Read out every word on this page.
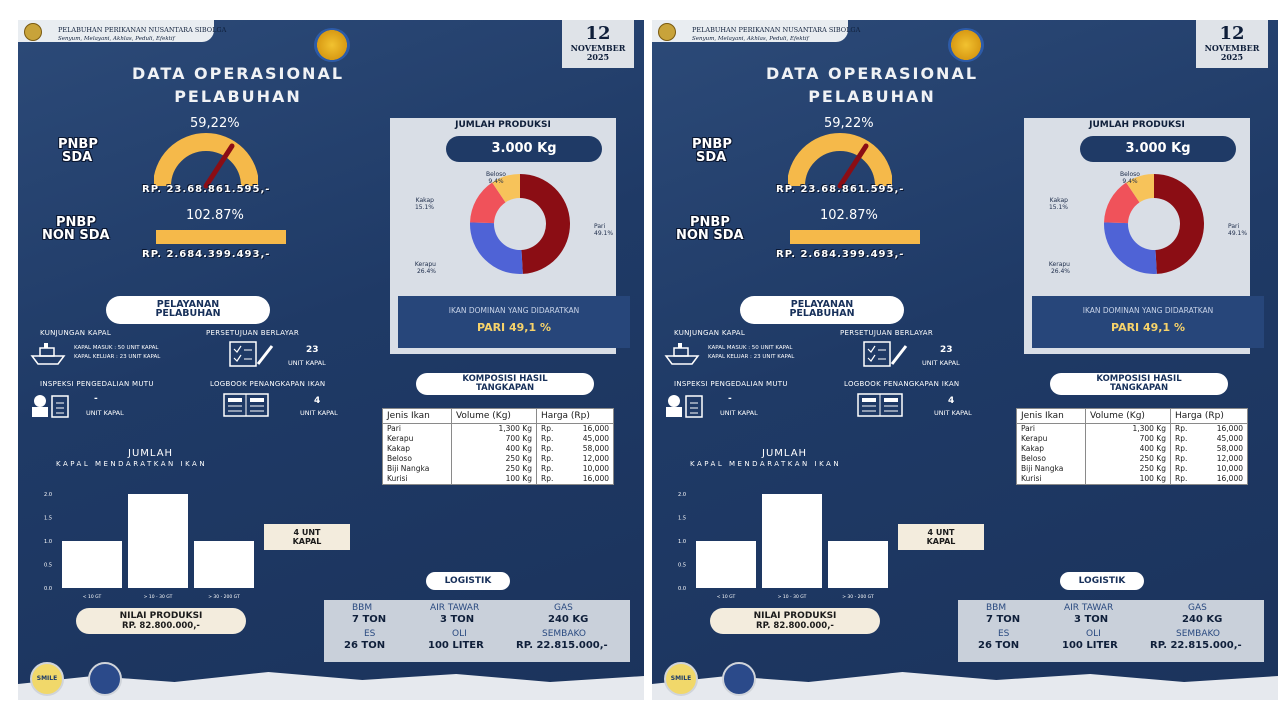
PELABUHAN PERIKANAN NUSANTARA SIBOLGA
Senyum, Melayani, Akhlas, Peduli, Efektif	12
NOVEMBER
2025
DATA OPERASIONAL
PELABUHAN
PNBP
SDA
59,22%
RP. 23.68.861.595,-
PNBP
NON SDA
102.87%
RP. 2.684.399.493,-
JUMLAH PRODUKSI
3.000 Kg
Pari
49.1%
Kerapu
26.4%
Kakap
15.1%
Beloso
9.4%
IKAN DOMINAN YANG DIDARATKAN
PARI 49,1 %
PELAYANAN
PELABUHAN
KUNJUNGAN KAPAL
KAPAL MASUK : 50 UNIT KAPAL
KAPAL KELUAR : 23 UNIT KAPAL
PERSETUJUAN BERLAYAR
23
UNIT KAPAL
INSPEKSI PENGEDALIAN MUTU
-
UNIT KAPAL
LOGBOOK PENANGKAPAN IKAN
4
UNIT KAPAL
KOMPOSISI HASIL
TANGKAPAN
Jenis Ikan	Volume (Kg)	Harga (Rp)
Pari	1,300 Kg	Rp. 16,000

Kerapu	700 Kg	Rp. 45,000

Kakap	400 Kg	Rp. 58,000

Beloso	250 Kg	Rp. 12,000

Biji Nangka	250 Kg	Rp. 10,000

Kurisi	100 Kg	Rp. 16,000
JUMLAH
KAPAL MENDARATKAN IKAN
0.0
0.5
1.0
1.5
2.0
< 10 GT	> 10 - 30 GT	> 30 - 200 GT
4 UNT
KAPAL
NILAI PRODUKSI
RP. 82.800.000,-
LOGISTIK
BBM
7 TON
AIR TAWAR
3 TON
GAS
240 KG
ES
26 TON
OLI
100 LITER
SEMBAKO
RP. 22.815.000,-
SMILE
PELABUHAN PERIKANAN NUSANTARA SIBOLGA
Senyum, Melayani, Akhlas, Peduli, Efektif	12
NOVEMBER
2025
DATA OPERASIONAL
PELABUHAN
PNBP
SDA
59,22%
RP. 23.68.861.595,-
PNBP
NON SDA
102.87%
RP. 2.684.399.493,-
JUMLAH PRODUKSI
3.000 Kg
Pari
49.1%
Kerapu
26.4%
Kakap
15.1%
Beloso
9.4%
IKAN DOMINAN YANG DIDARATKAN
PARI 49,1 %
PELAYANAN
PELABUHAN
KUNJUNGAN KAPAL
KAPAL MASUK : 50 UNIT KAPAL
KAPAL KELUAR : 23 UNIT KAPAL
PERSETUJUAN BERLAYAR
23
UNIT KAPAL
INSPEKSI PENGEDALIAN MUTU
-
UNIT KAPAL
LOGBOOK PENANGKAPAN IKAN
4
UNIT KAPAL
KOMPOSISI HASIL
TANGKAPAN
Jenis Ikan	Volume (Kg)	Harga (Rp)
Pari	1,300 Kg	Rp. 16,000

Kerapu	700 Kg	Rp. 45,000

Kakap	400 Kg	Rp. 58,000

Beloso	250 Kg	Rp. 12,000

Biji Nangka	250 Kg	Rp. 10,000

Kurisi	100 Kg	Rp. 16,000
JUMLAH
KAPAL MENDARATKAN IKAN
0.0
0.5
1.0
1.5
2.0
< 10 GT	> 10 - 30 GT	> 30 - 200 GT
4 UNT
KAPAL
NILAI PRODUKSI
RP. 82.800.000,-
LOGISTIK
BBM
7 TON
AIR TAWAR
3 TON
GAS
240 KG
ES
26 TON
OLI
100 LITER
SEMBAKO
RP. 22.815.000,-
SMILE
